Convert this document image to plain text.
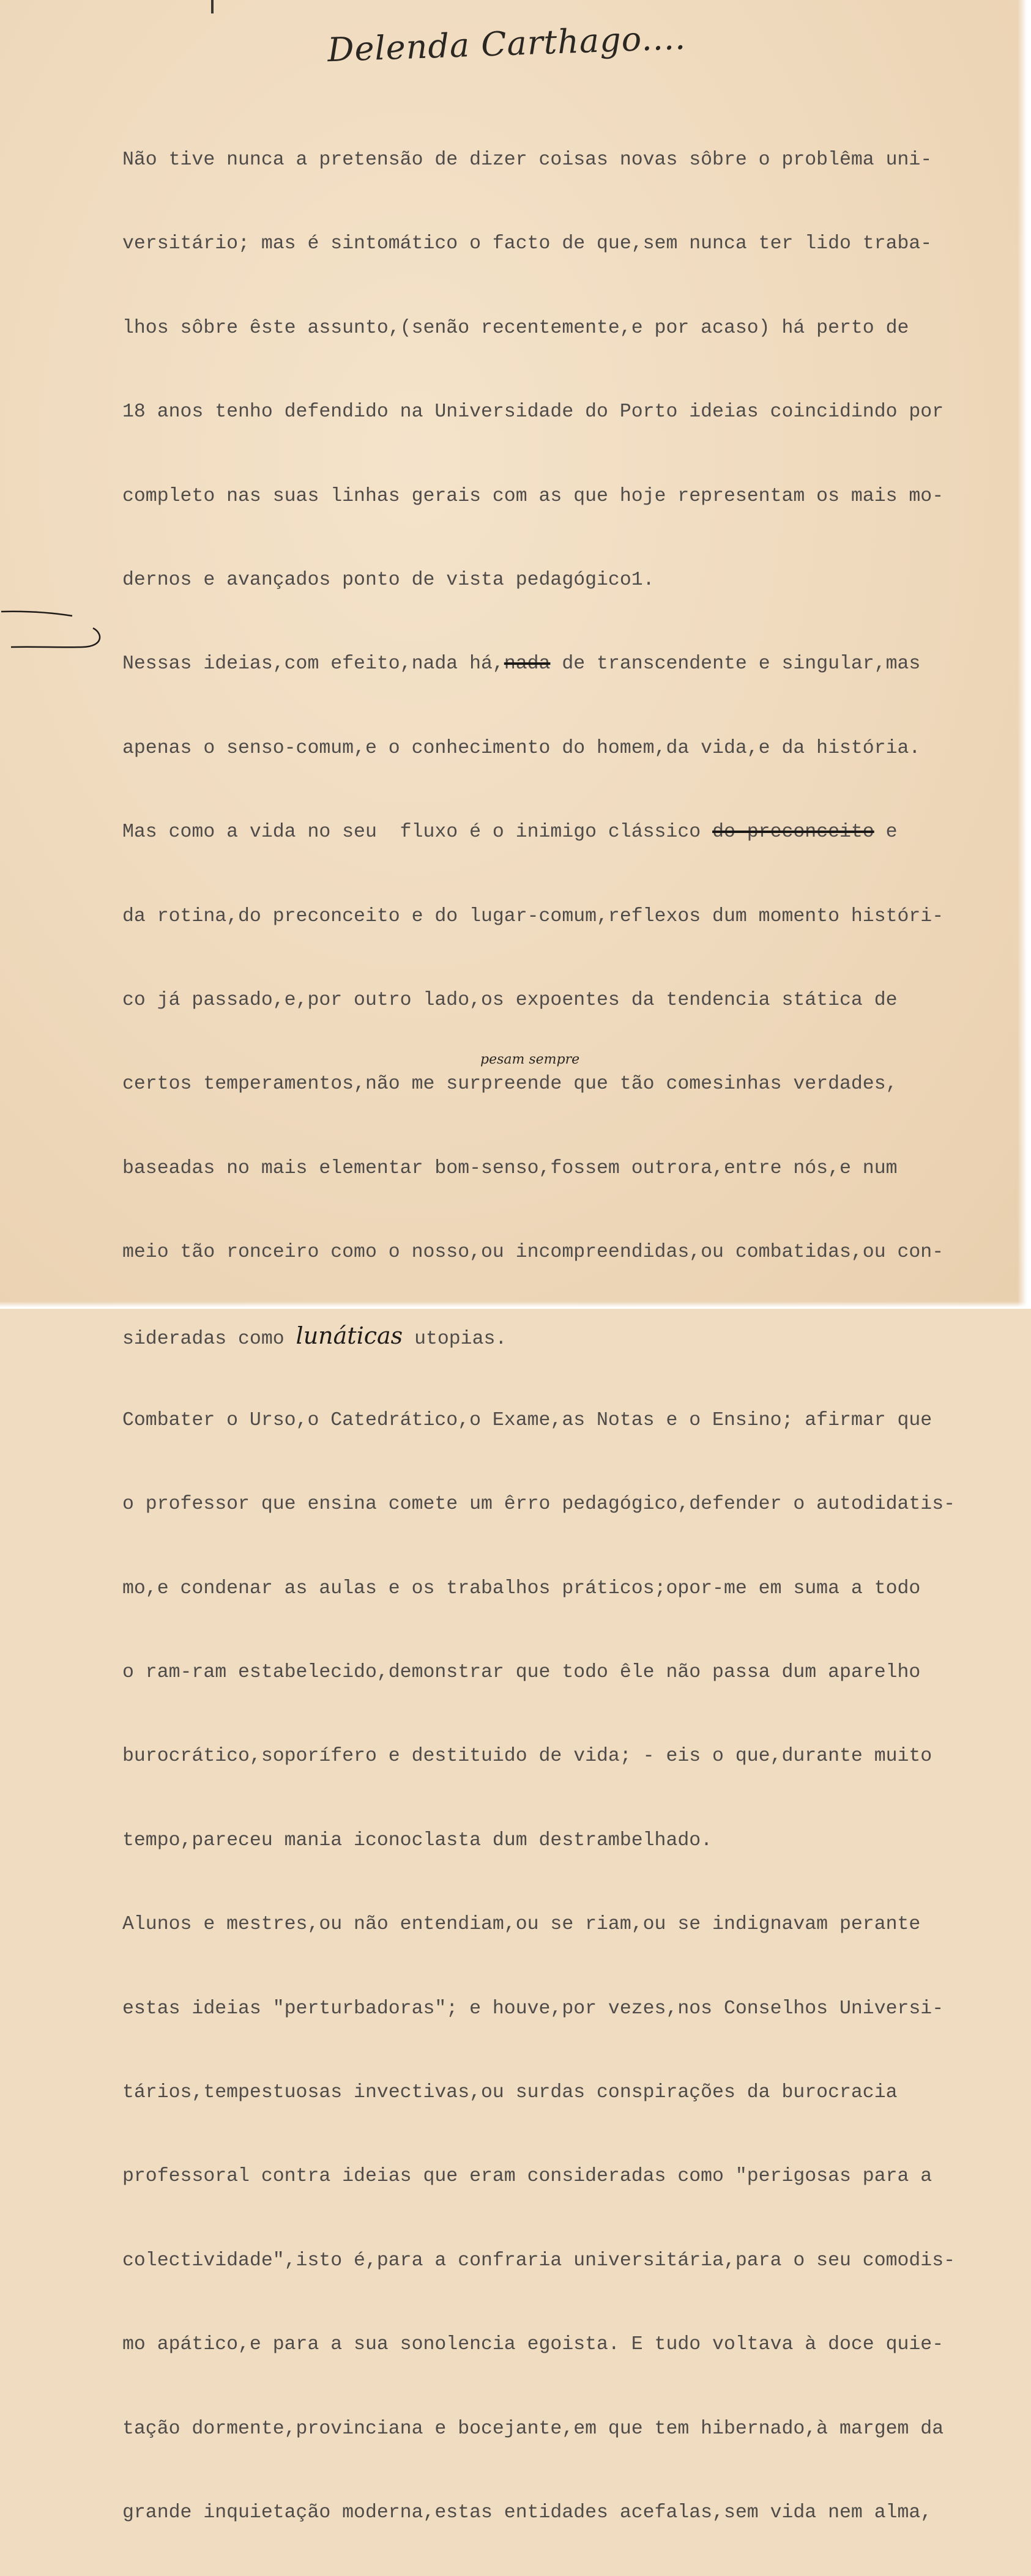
Delenda Carthago....

Não tive nunca a pretensão de dizer coisas novas sôbre o problêma uni-

versitário; mas é sintomático o facto de que,sem nunca ter lido traba-

lhos sôbre êste assunto,(senão recentemente,e por acaso) há perto de

18 anos tenho defendido na Universidade do Porto ideias coincidindo por

completo nas suas linhas gerais com as que hoje representam os mais mo-

dernos e avançados ponto de vista pedagógico1.

Nessas ideias,com efeito,nada há,nada de transcendente e singular,mas

apenas o senso-comum,e o conhecimento do homem,da vida,e da história.

Mas como a vida no seu  fluxo é o inimigo clássico do preconceito e

da rotina,do preconceito e do lugar-comum,reflexos dum momento históri-

co já passado,e,por outro lado,os expoentes da tendencia stática de

pesam sempre
certos temperamentos,não me surpreende que tão comesinhas verdades,

baseadas no mais elementar bom-senso,fossem outrora,entre nós,e num

meio tão ronceiro como o nosso,ou incompreendidas,ou combatidas,ou con-

sideradas como lunáticas utopias.

Combater o Urso,o Catedrático,o Exame,as Notas e o Ensino; afirmar que

o professor que ensina comete um êrro pedagógico,defender o autodidatis-

mo,e condenar as aulas e os trabalhos práticos;opor-me em suma a todo

o ram-ram estabelecido,demonstrar que todo êle não passa dum aparelho

burocrático,soporífero e destituido de vida; - eis o que,durante muito

tempo,pareceu mania iconoclasta dum destrambelhado.

Alunos e mestres,ou não entendiam,ou se riam,ou se indignavam perante

estas ideias "perturbadoras"; e houve,por vezes,nos Conselhos Universi-

tários,tempestuosas invectivas,ou surdas conspirações da burocracia

professoral contra ideias que eram consideradas como "perigosas para a

colectividade",isto é,para a confraria universitária,para o seu comodis-

mo apático,e para a sua sonolencia egoista. E tudo voltava à doce quie-

tação dormente,provinciana e bocejante,em que tem hibernado,à margem da

grande inquietação moderna,estas entidades acefalas,sem vida nem alma,
